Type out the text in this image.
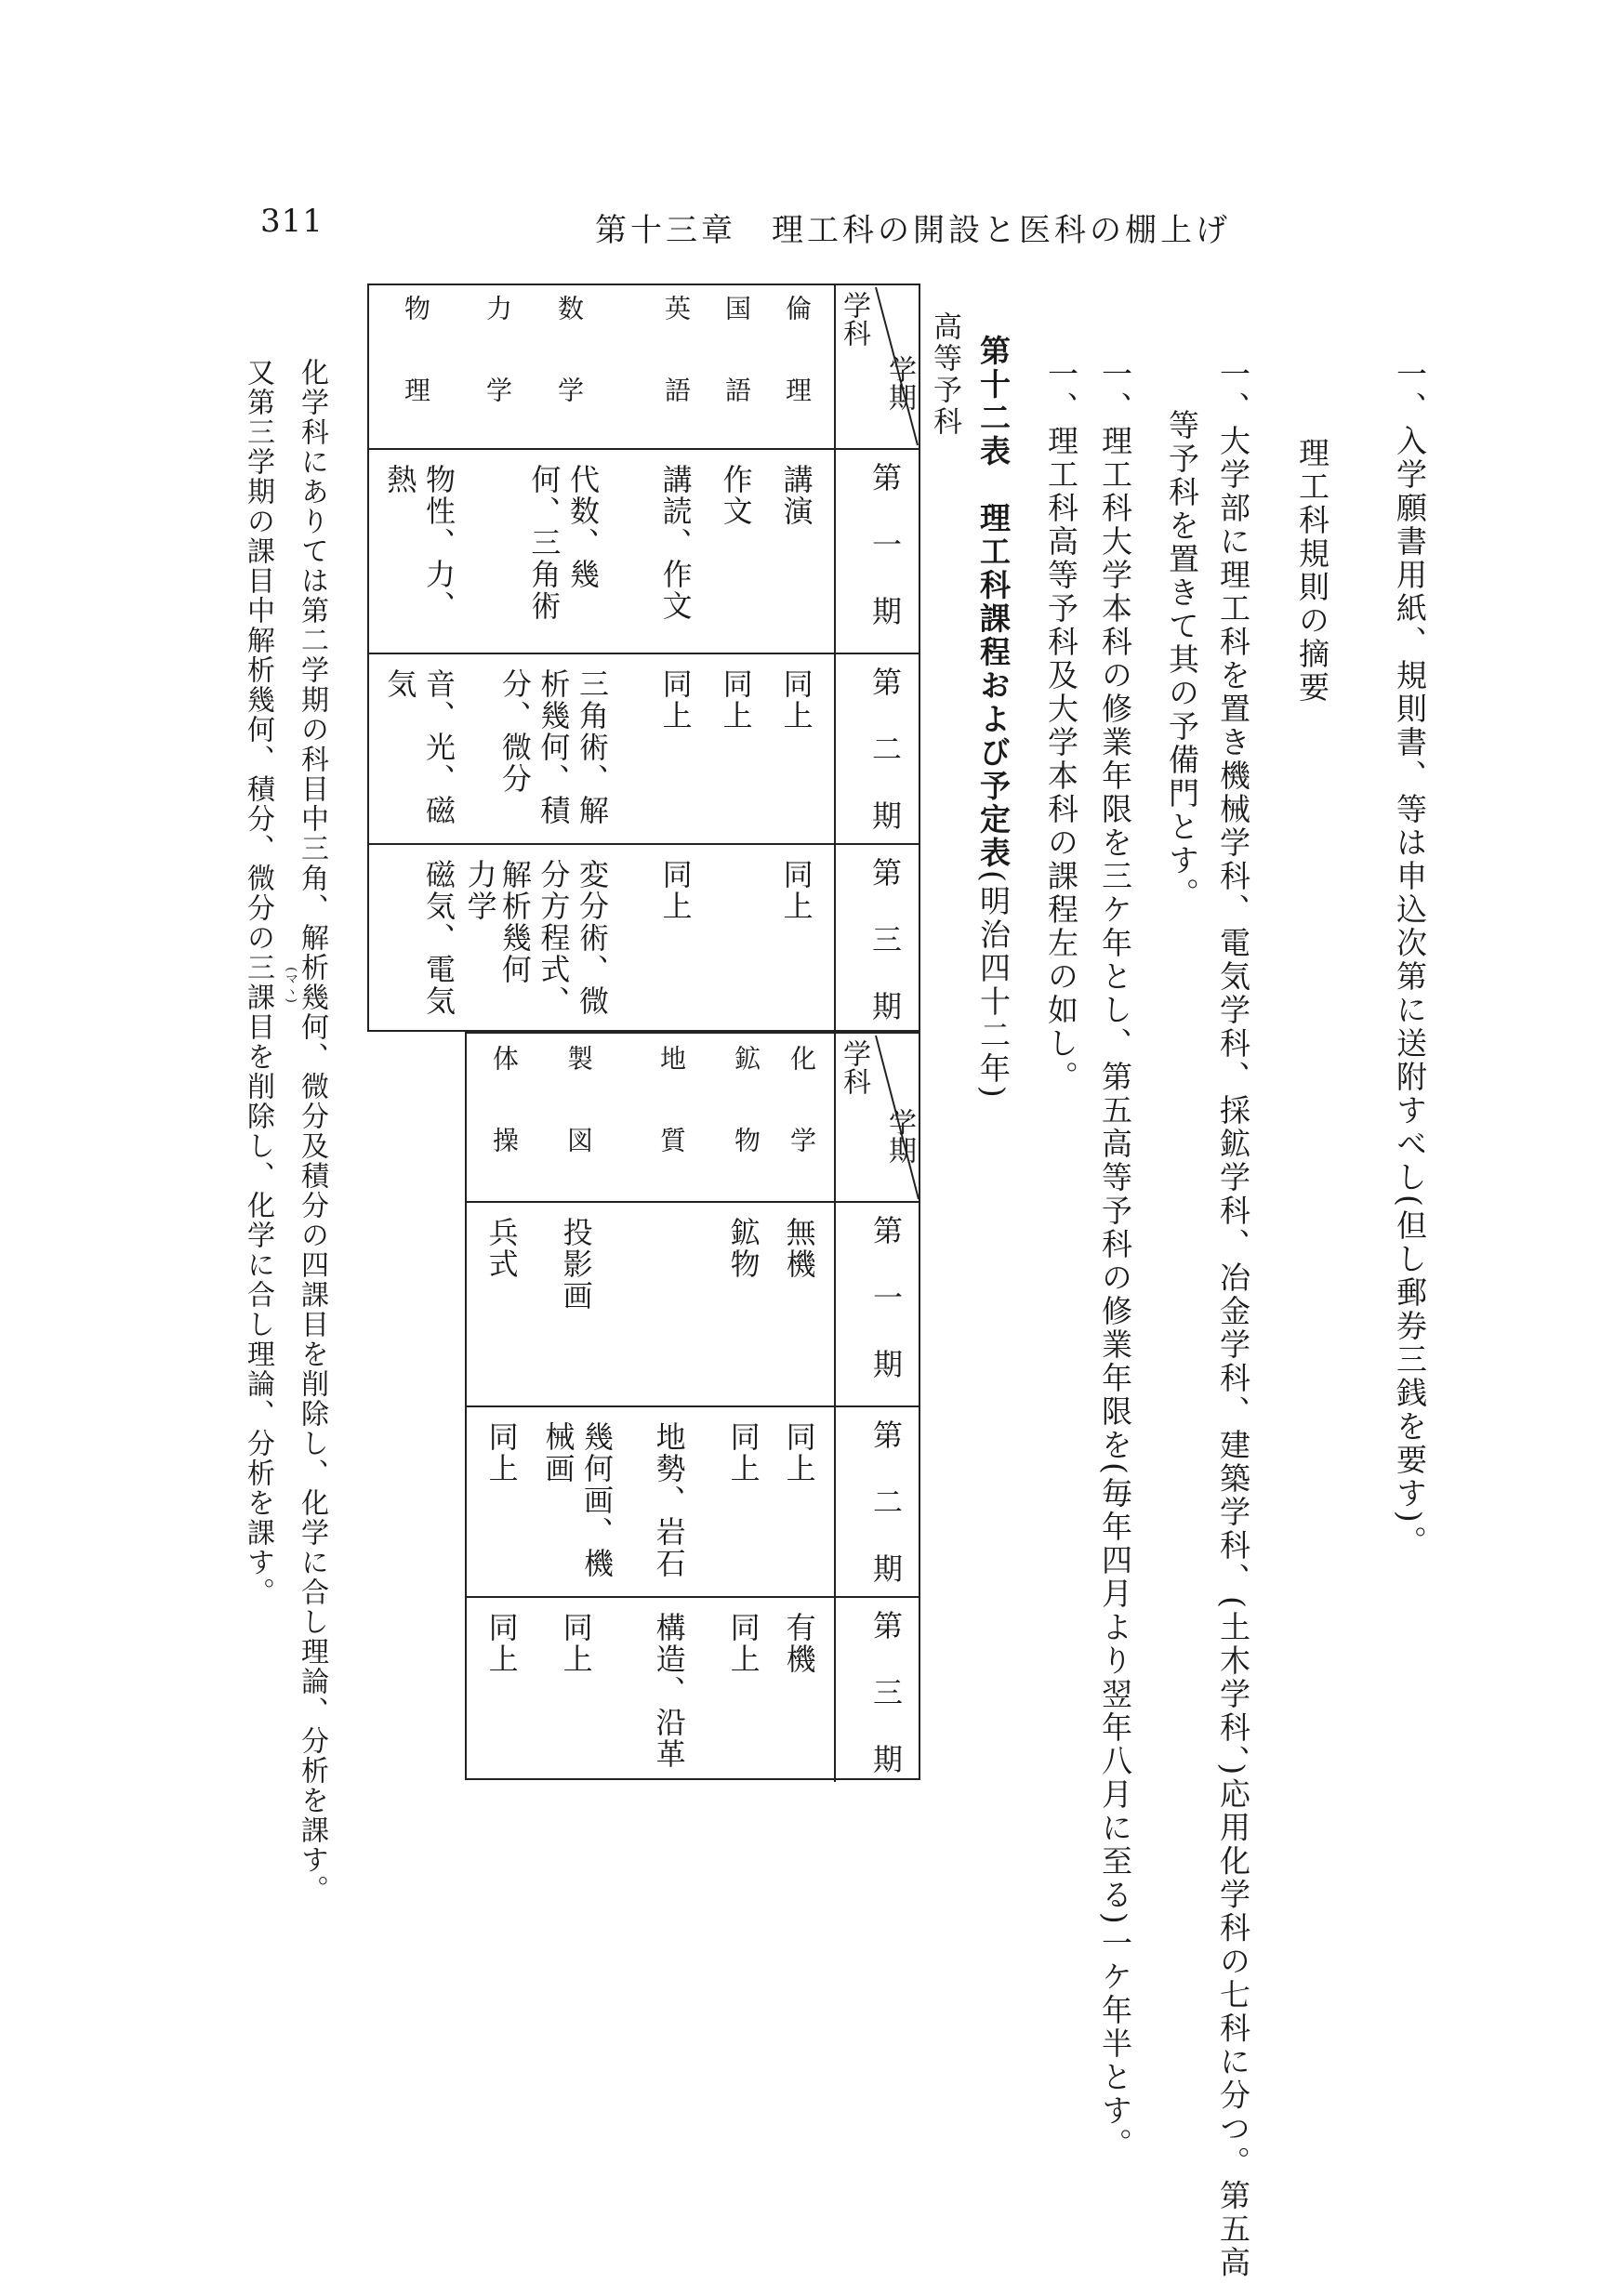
311	第十三章　理工科の開設と医科の棚上げ
一、入学願書用紙、規則書、等は申込次第に送附すべし(但し郵券三銭を要す)。
理工科規則の摘要
一、大学部に理工科を置き機械学科、電気学科、採鉱学科、冶金学科、建築学科、(土木学科、)応用化学科の七科に分つ。第五高
等予科を置きて其の予備門とす。
一、理工科大学本科の修業年限を三ケ年とし、第五高等予科の修業年限を(毎年四月より翌年八月に至る)一ケ年半とす。
一、理工科高等予科及大学本科の課程左の如し。
第十二表　理工科課程および予定表(明治四十二年)
高等予科
学科
学期
第一期
第二期
第三期
倫理
国語
英語
数学
力学
物理
講演
作文
講読、作文
代数、幾何、三角術
物性、力、熱
同上
同上
同上
三角術、解析幾何、積分、微分
音、光、磁気
同上
同上
変分術、微分方程式、解析幾何
力学
磁気、電気
学科
学期
第一期
第二期
第三期
化学
鉱物
地質
製図
体操
無機
鉱物
投影画
兵式
同上
同上
地勢、岩石
幾何画、機械画
同上
有機
同上
構造、沿革
同上
同上
化学科にありては第二学期の科目中三角、解析幾何、微分及積分の四課目を削除し、化学に合し理論、分析を課す。
(マヽ)
又第三学期の課目中解析幾何、積分、微分の三課目を削除し、化学に合し理論、分析を課す。
